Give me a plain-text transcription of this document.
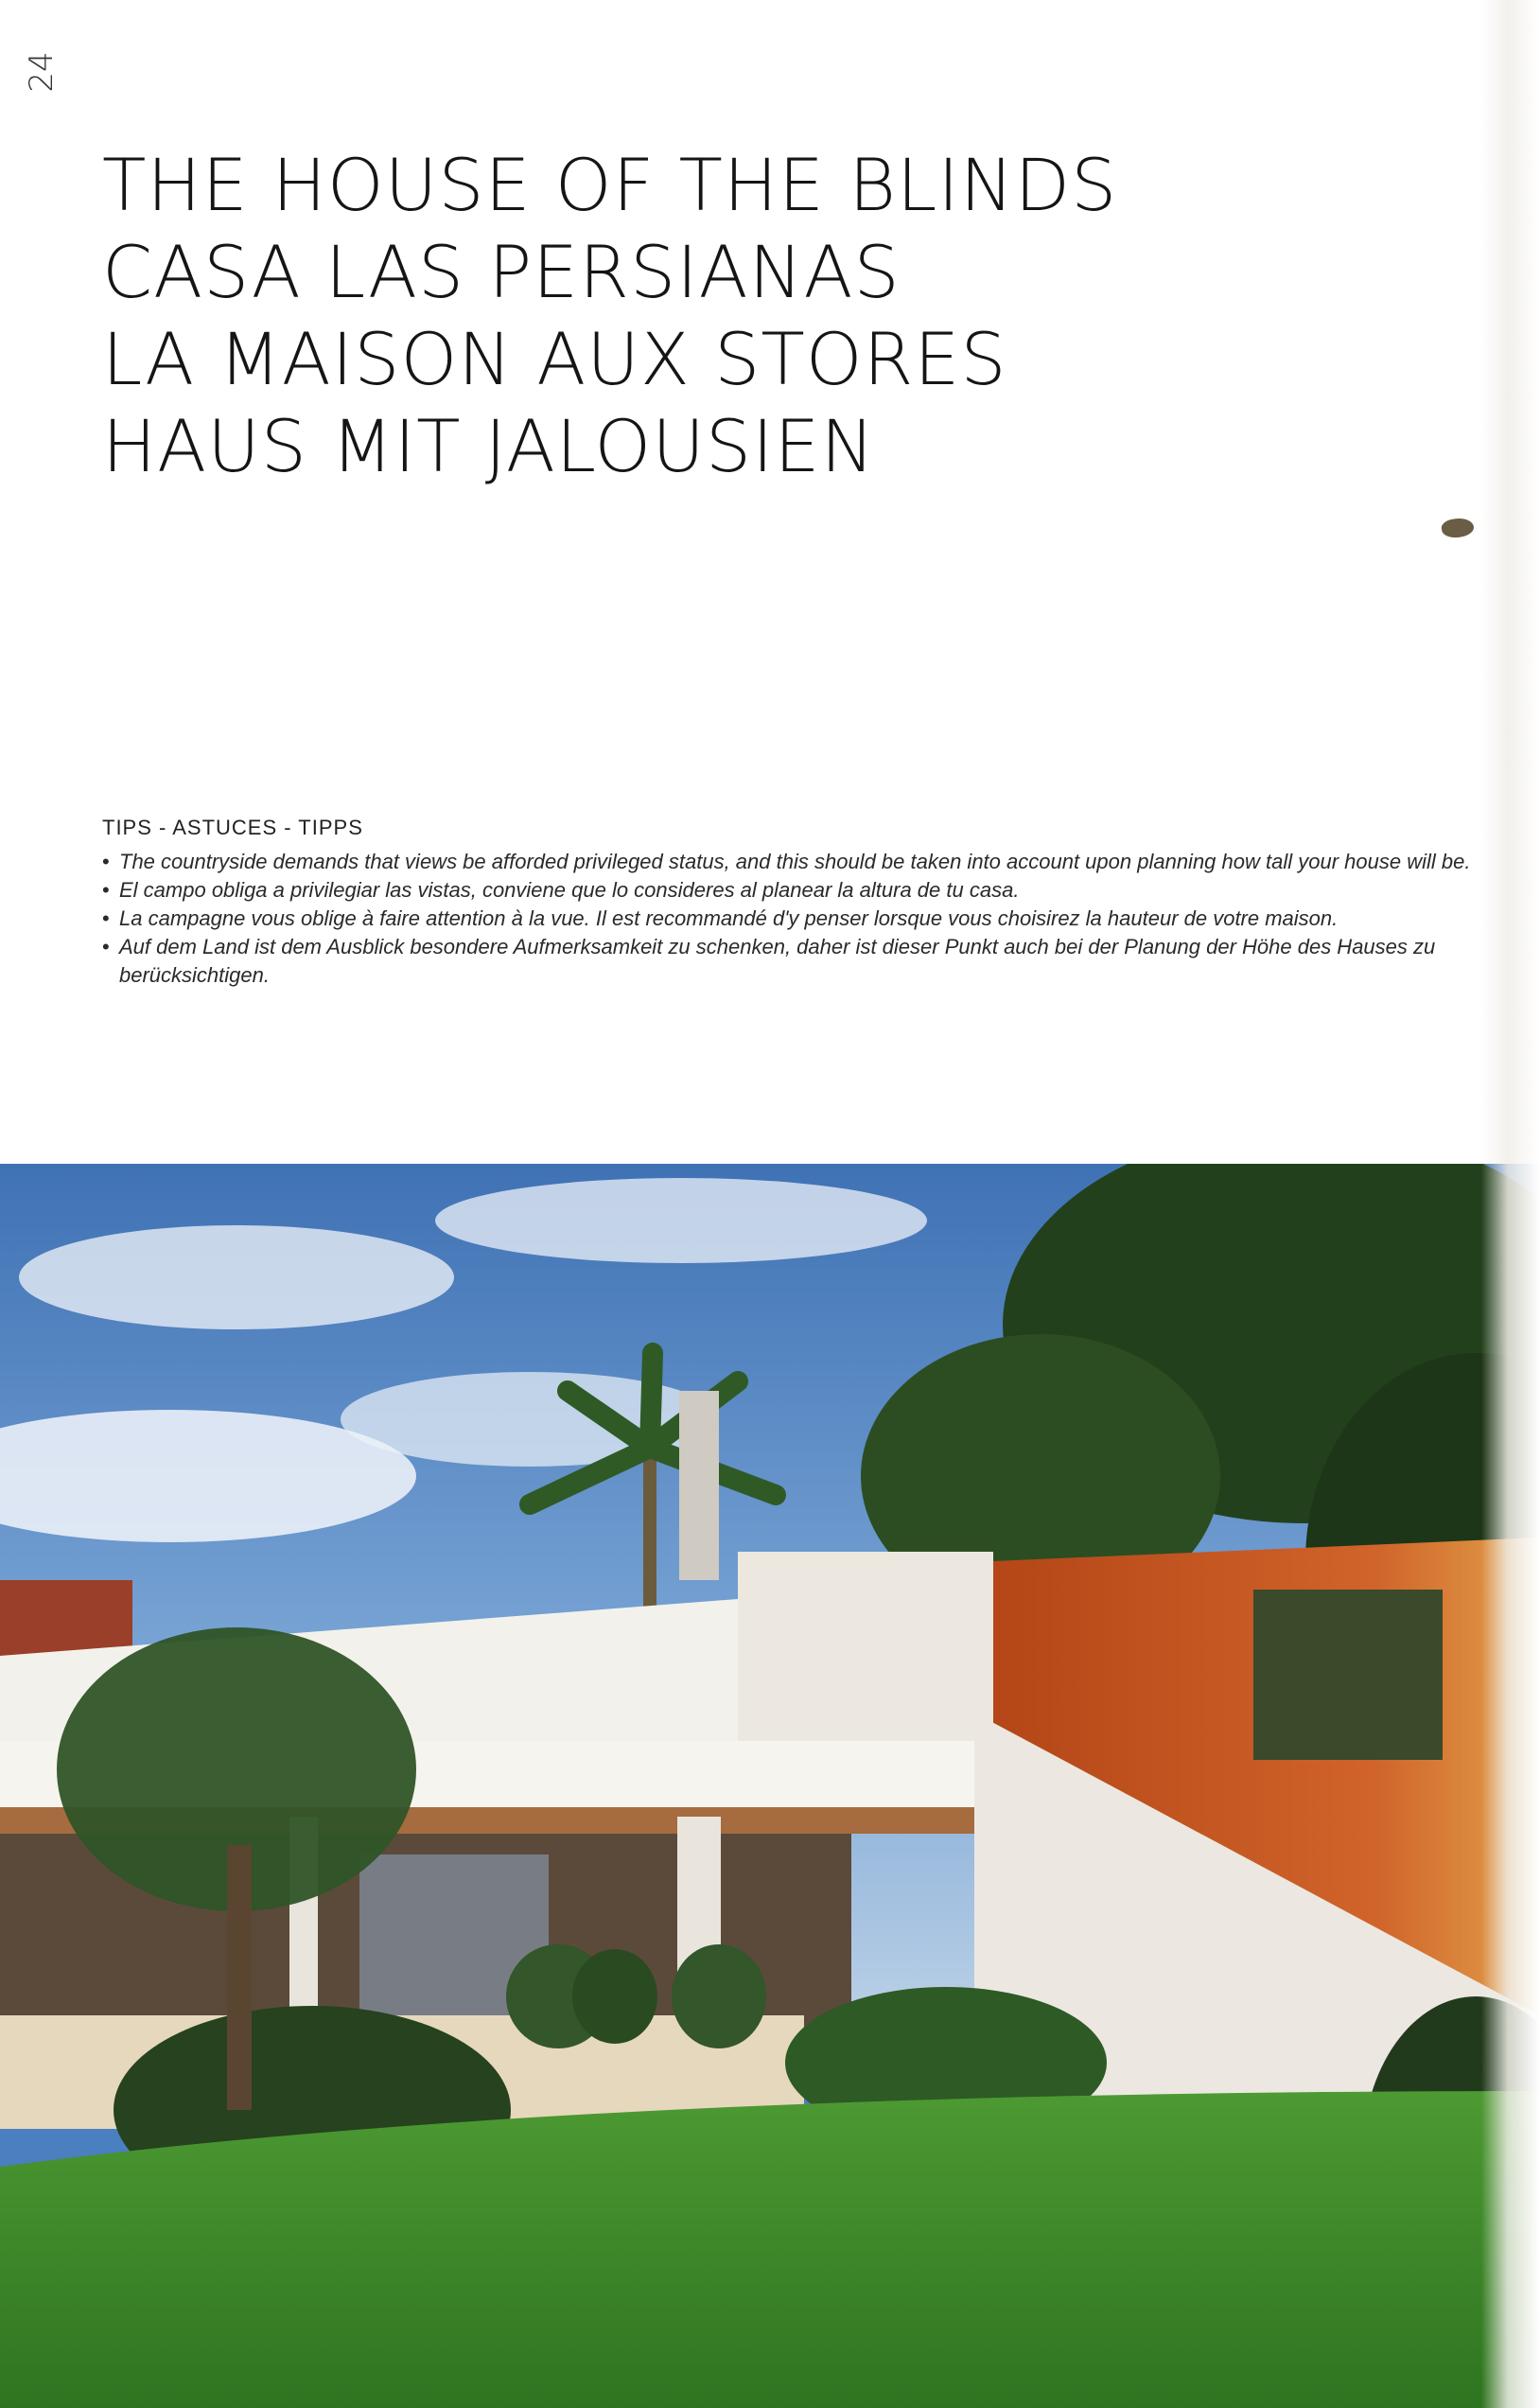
24
THE HOUSE OF THE BLINDS
CASA LAS PERSIANAS
LA MAISON AUX STORES
HAUS MIT JALOUSIEN
TIPS - ASTUCES - TIPPS
• The countryside demands that views be afforded privileged status, and this should be taken into account upon planning how tall your house will be.
• El campo obliga a privilegiar las vistas, conviene que lo consideres al planear la altura de tu casa.
• La campagne vous oblige à faire attention à la vue. Il est recommandé d'y penser lorsque vous choisirez la hauteur de votre maison.
• Auf dem Land ist dem Ausblick besondere Aufmerksamkeit zu schenken, daher ist dieser Punkt auch bei der Planung der Höhe des Hauses zu berücksichtigen.
